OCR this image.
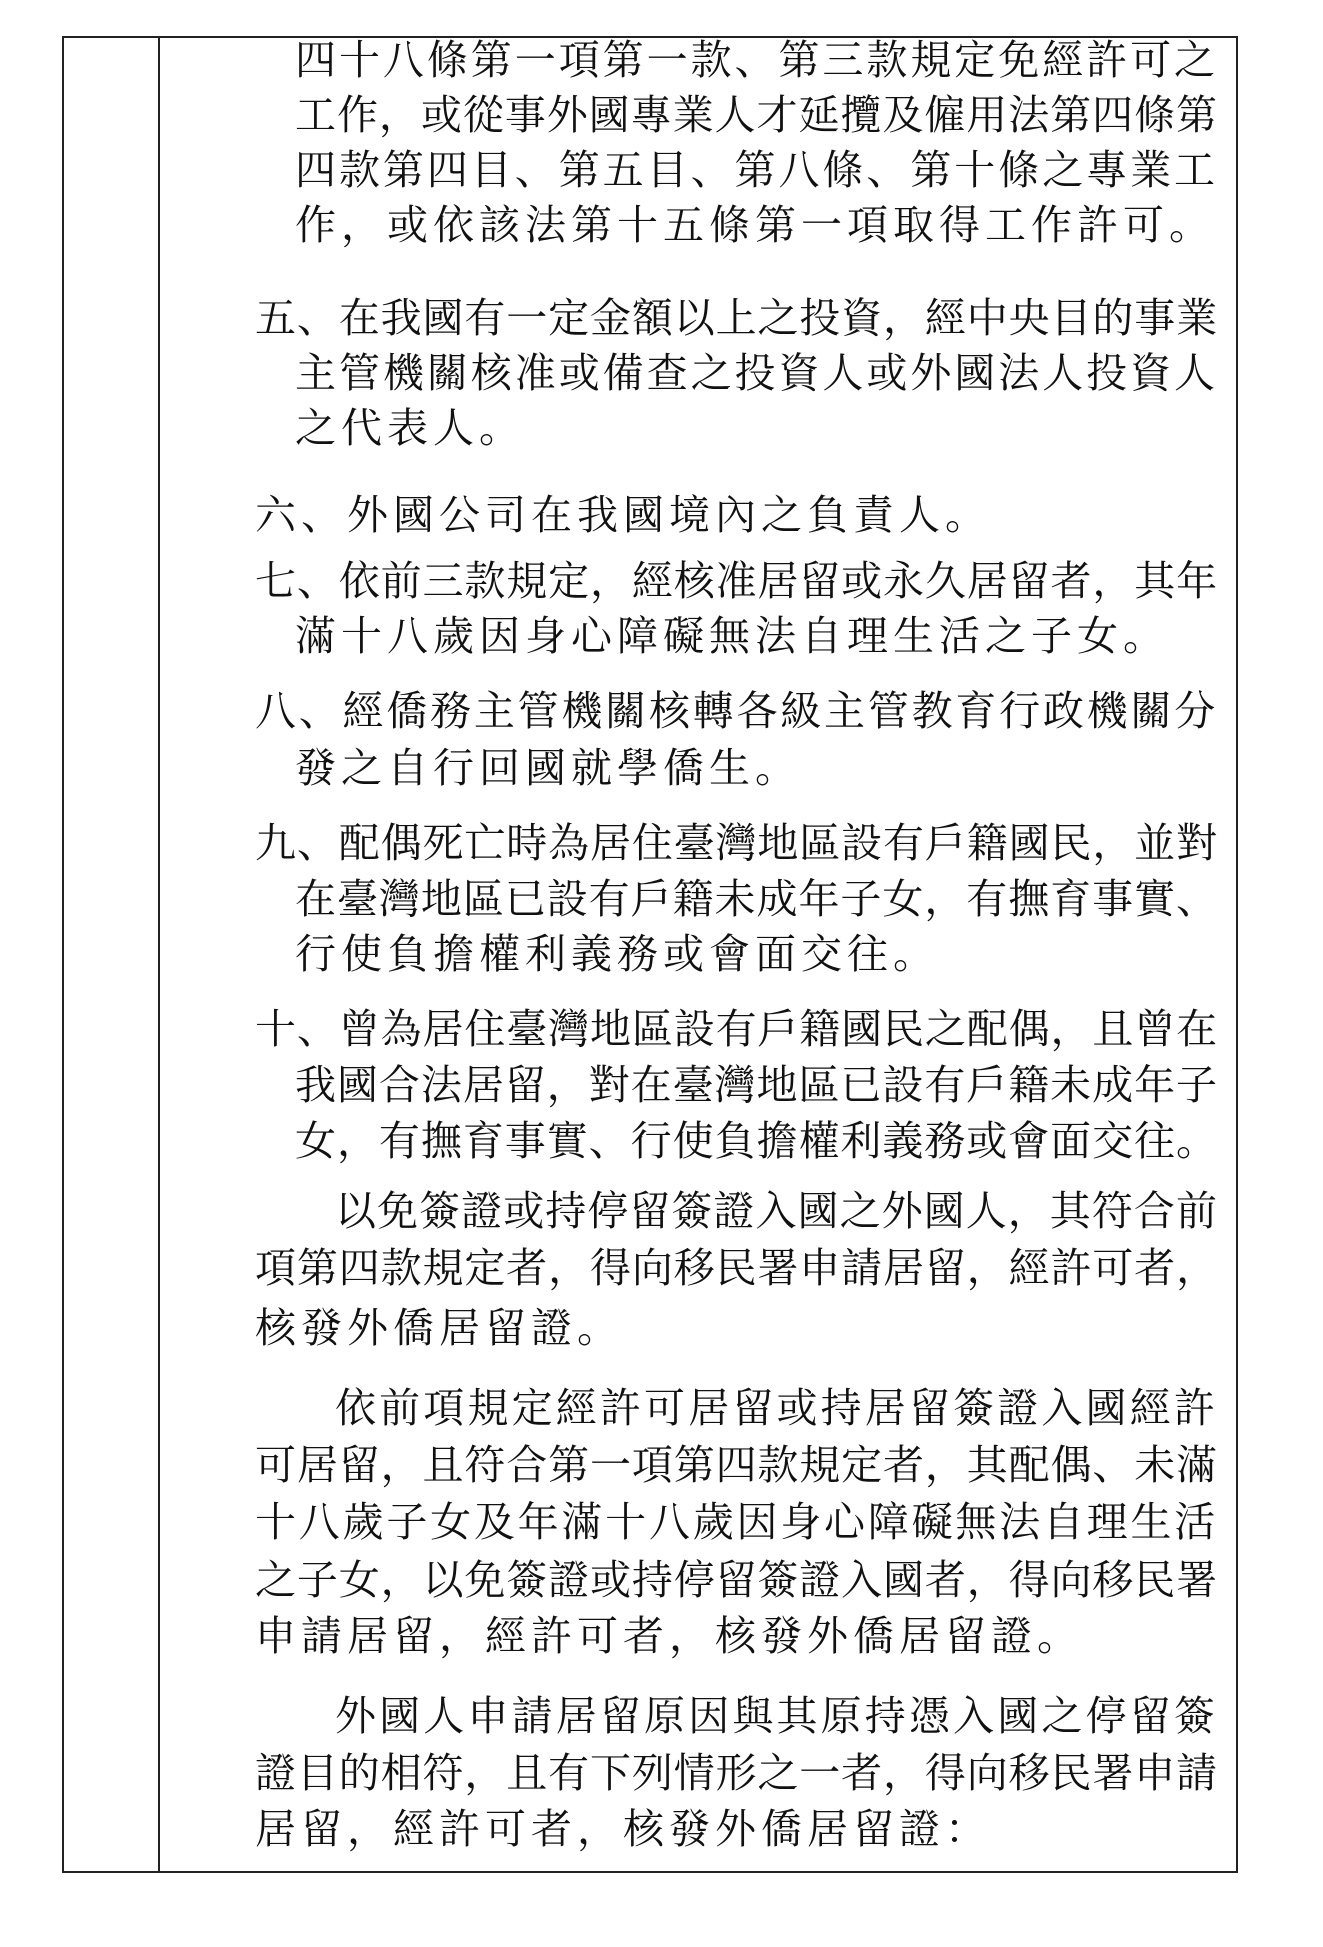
四十八條第一項第一款、第三款規定免經許可之
工作，或從事外國專業人才延攬及僱用法第四條第
四款第四目、第五目、第八條、第十條之專業工
作，或依該法第十五條第一項取得工作許可。
五、在我國有一定金額以上之投資，經中央目的事業
主管機關核准或備查之投資人或外國法人投資人
之代表人。
六、外國公司在我國境內之負責人。
七、依前三款規定，經核准居留或永久居留者，其年
滿十八歲因身心障礙無法自理生活之子女。
八、經僑務主管機關核轉各級主管教育行政機關分
發之自行回國就學僑生。
九、配偶死亡時為居住臺灣地區設有戶籍國民，並對
在臺灣地區已設有戶籍未成年子女，有撫育事實、
行使負擔權利義務或會面交往。
十、曾為居住臺灣地區設有戶籍國民之配偶，且曾在
我國合法居留，對在臺灣地區已設有戶籍未成年子
女，有撫育事實、行使負擔權利義務或會面交往。
以免簽證或持停留簽證入國之外國人，其符合前
項第四款規定者，得向移民署申請居留，經許可者，
核發外僑居留證。
依前項規定經許可居留或持居留簽證入國經許
可居留，且符合第一項第四款規定者，其配偶、未滿
十八歲子女及年滿十八歲因身心障礙無法自理生活
之子女，以免簽證或持停留簽證入國者，得向移民署
申請居留，經許可者，核發外僑居留證。
外國人申請居留原因與其原持憑入國之停留簽
證目的相符，且有下列情形之一者，得向移民署申請
居留，經許可者，核發外僑居留證：
